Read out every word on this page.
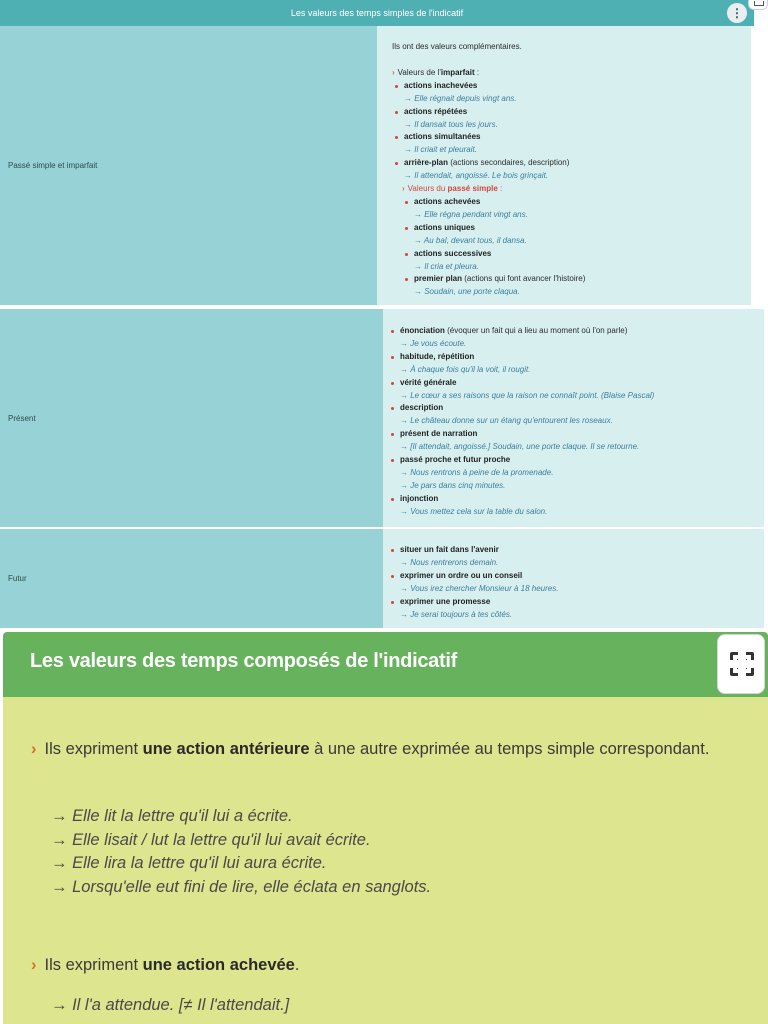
Les valeurs des temps simples de l'indicatif	⋮
Passé simple et imparfait
Ils ont des valeurs complémentaires.
› Valeurs de l'imparfait :
actions inachevées
→ Elle régnait depuis vingt ans.
actions répétées
→ Il dansait tous les jours.
actions simultanées
→ Il criait et pleurait.
arrière-plan (actions secondaires, description)
→ Il attendait, angoissé. Le bois grinçait.
› Valeurs du passé simple :
actions achevées
→ Elle régna pendant vingt ans.
actions uniques
→ Au bal, devant tous, il dansa.
actions successives
→ Il cria et pleura.
premier plan (actions qui font avancer l'histoire)
→ Soudain, une porte claqua.
Présent
énonciation (évoquer un fait qui a lieu au moment où l'on parle)
→ Je vous écoute.
habitude, répétition
→ À chaque fois qu'il la voit, il rougit.
vérité générale
→ Le cœur a ses raisons que la raison ne connaît point. (Blaise Pascal)
description
→ Le château donne sur un étang qu'entourent les roseaux.
présent de narration
→ [Il attendait, angoissé.] Soudain, une porte claque. Il se retourne.
passé proche et futur proche
→ Nous rentrons à peine de la promenade.
→ Je pars dans cinq minutes.
injonction
→ Vous mettez cela sur la table du salon.
Futur
situer un fait dans l'avenir
→ Nous rentrerons demain.
exprimer un ordre ou un conseil
→ Vous irez chercher Monsieur à 18 heures.
exprimer une promesse
→ Je serai toujours à tes côtés.
Les valeurs des temps composés de l'indicatif
› Ils expriment une action antérieure à une autre exprimée au temps simple correspondant.
→ Elle lit la lettre qu'il lui a écrite.
→ Elle lisait / lut la lettre qu'il lui avait écrite.
→ Elle lira la lettre qu'il lui aura écrite.
→ Lorsqu'elle eut fini de lire, elle éclata en sanglots.
› Ils expriment une action achevée.
→ Il l'a attendue. [≠ Il l'attendait.]
